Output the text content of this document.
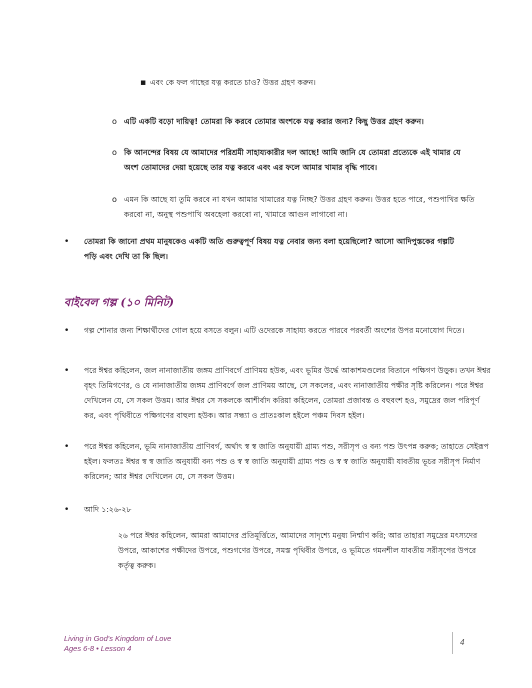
▪ এবং কে ফল গাছের যত্ন করতে চাও? উত্তর গ্রহণ করুন।
o এটি একটি বড়ো দায়িত্ব! তোমরা কি করবে তোমার অংশকে যত্ন করার জন্য? কিছু উত্তর গ্রহণ করুন।
o কি আনন্দের বিষয় যে আমাদের পরিশ্রমী সাহায্যকারীর দল আছে! আমি জানি যে তোমরা প্রত্যেকে এই খামার যে
অংশ তোমাদের দেয়া হয়েছে তার যত্ন করবে এবং এর ফলে আমার খামার বৃদ্ধি পাবে।
o এমন কি আছে যা তুমি করবে না যখন আমার খামারের যত্ন নিচ্ছ? উত্তর গ্রহণ করুন। উত্তর হতে পারে, পশুপাখির ক্ষতি
করবো না, অনুস্থ পশুপাখি অবহেলা করবো না, খামারে আগুন লাগাবো না।
• তোমরা কি জানো প্রথম মানুষকেও একটি অতি গুরুত্বপূর্ণ বিষয় যত্ন নেবার জন্য বলা হয়েছিলো? আসো আদিপুস্তকের গল্পটি
পড়ি এবং দেখি তা কি ছিল।
বাইবেল গল্প (১০ মিনিট)
• গল্প শোনার জন্য শিক্ষার্থীদের গোল হয়ে বসতে বলুন। এটি ওদেরকে সাহায্য করতে পারবে পরবর্তী অংশের উপর মনোযোগ দিতে।
• পরে ঈশ্বর কহিলেন, জল নানাজাতীয় জঙ্গম প্রাণিবর্গে প্রাণিময় হউক, এবং ভূমির উর্দ্ধে আকাশমণ্ডলের বিতানে পক্ষিগণ উড়ুক। তখন ঈশ্বর
বৃহৎ তিমিগণের, ও যে নানাজাতীয় জঙ্গম প্রাণিবর্গে জল প্রাণিময় আছে, সে সকলের, এবং নানাজাতীয় পক্ষীর সৃষ্টি করিলেন। পরে ঈশ্বর
দেখিলেন যে, সে সকল উত্তম। আর ঈশ্বর সে সকলকে আশীর্বাদ করিয়া কহিলেন, তোমরা প্রজাবন্ত ও বহুবংশ হও, সমুদ্রের জল পরিপূর্ণ
কর, এবং পৃথিবীতে পক্ষিগণের বাহুল্য হউক। আর সন্ধ্যা ও প্রাতঃকাল হইলে পঞ্চম দিবস হইল।
• পরে ঈশ্বর কহিলেন, ভূমি নানাজাতীয় প্রাণিবর্গ, অর্থাৎ স্ব স্ব জাতি অনুযায়ী গ্রাম্য পশু, সরীসৃপ ও বন্য পশু উৎপন্ন করুক; তাহাতে সেইরূপ
হইল। ফলতঃ ঈশ্বর স্ব স্ব জাতি অনুযায়ী বন্য পশু ও স্ব স্ব জাতি অনুযায়ী গ্রাম্য পশু ও স্ব স্ব জাতি অনুযায়ী যাবতীয় ভূচর সরীসৃপ নির্মাণ
করিলেন; আর ঈশ্বর দেখিলেন যে, সে সকল উত্তম।
• আদি ১:২৬-২৮
২৬ পরে ঈশ্বর কহিলেন, আমরা আমাদের প্রতিমূর্ত্তিতে, আমাদের সাদৃশ্যে মনুষ্য নির্ম্মাণ করি; আর তাহারা সমুদ্রের মৎস্যদের
উপরে, আকাশের পক্ষীদের উপরে, পশুগণের উপরে, সমস্ত পৃথিবীর উপরে, ও ভূমিতে গমনশীল যাবতীয় সরীসৃপের উপরে
কর্তৃত্ব করুক।
Living in God's Kingdom of Love
Ages 6-8 • Lesson 4
4
